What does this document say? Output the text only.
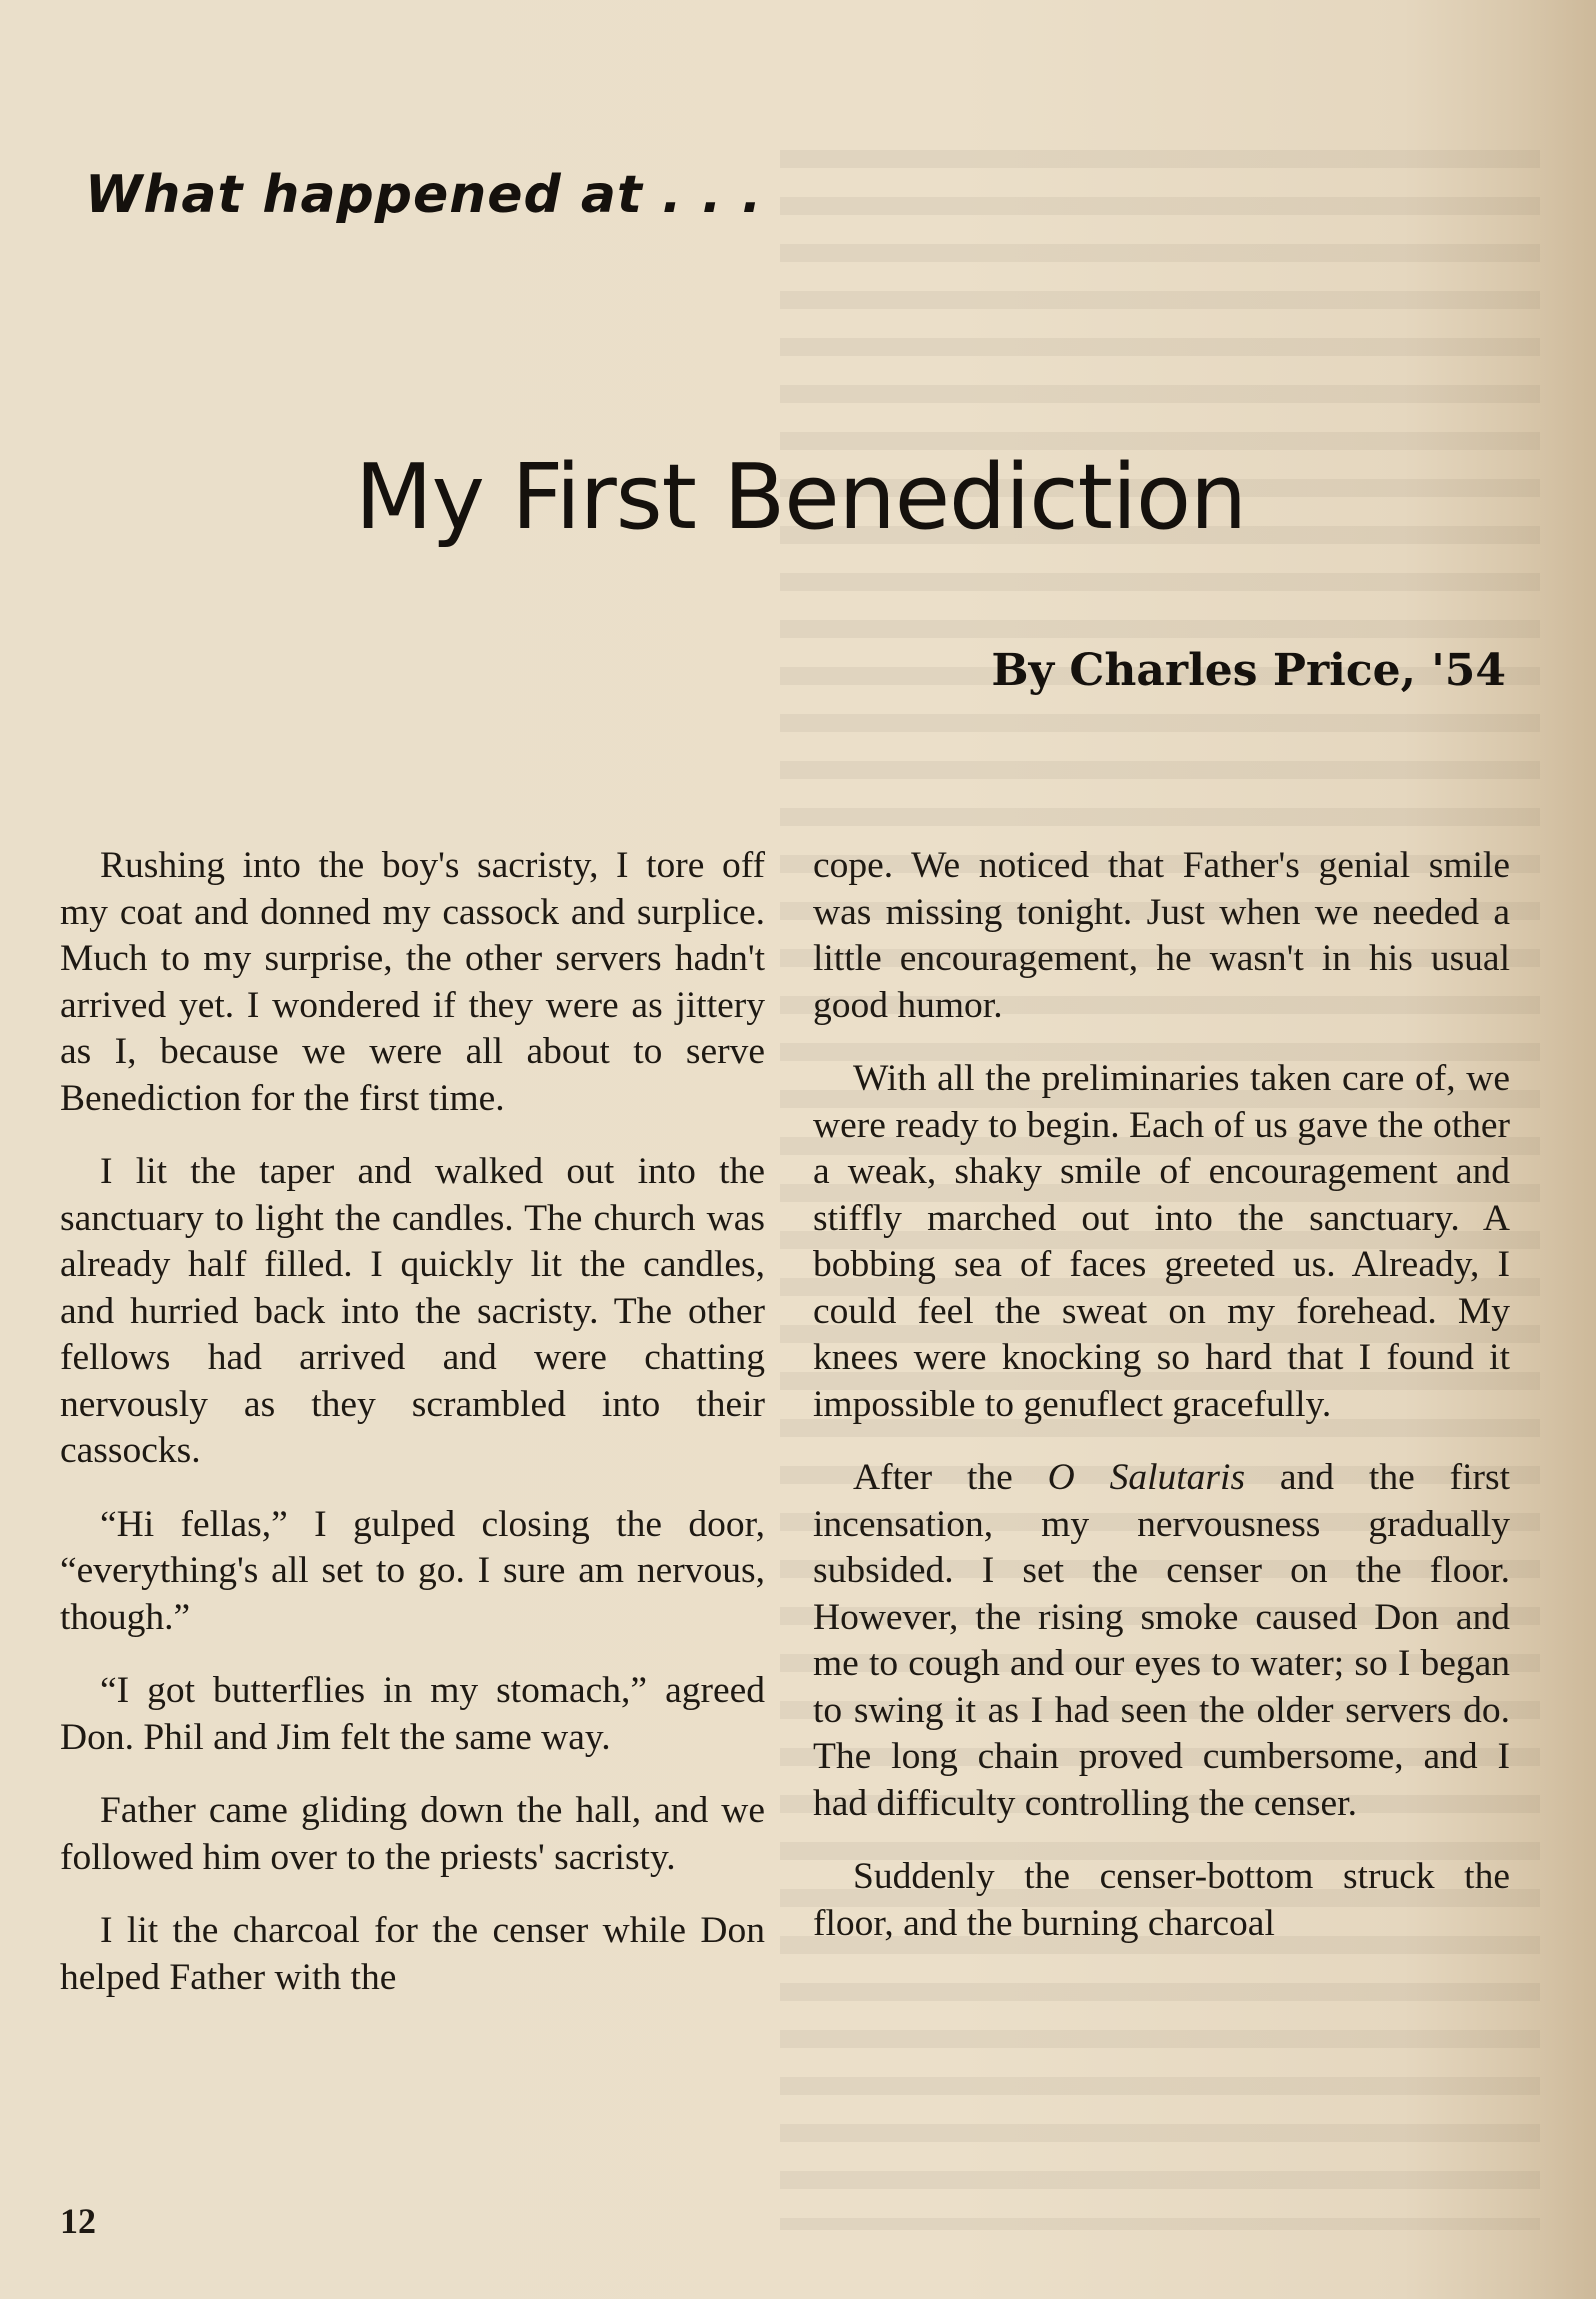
What happened at . . .
My First Benediction
By Charles Price, '54

Rushing into the boy's sacristy, I tore off my coat and donned my cassock and surplice. Much to my surprise, the other servers hadn't arrived yet. I wondered if they were as jittery as I, because we were all about to serve Benediction for the first time.

I lit the taper and walked out into the sanctuary to light the candles. The church was already half filled. I quickly lit the candles, and hurried back into the sacristy. The other fellows had arrived and were chatting nervously as they scrambled into their cassocks.

“Hi fellas,” I gulped closing the door, “everything's all set to go. I sure am nervous, though.”

“I got butterflies in my stomach,” agreed Don. Phil and Jim felt the same way.

Father came gliding down the hall, and we followed him over to the priests' sacristy.

I lit the charcoal for the censer while Don helped Father with the

cope. We noticed that Father's genial smile was missing tonight. Just when we needed a little encouragement, he wasn't in his usual good humor.

With all the preliminaries taken care of, we were ready to begin. Each of us gave the other a weak, shaky smile of encouragement and stiffly marched out into the sanctuary. A bobbing sea of faces greeted us. Already, I could feel the sweat on my forehead. My knees were knocking so hard that I found it impossible to genuflect gracefully.

After the O Salutaris and the first incensation, my nervousness gradually subsided. I set the censer on the floor. However, the rising smoke caused Don and me to cough and our eyes to water; so I began to swing it as I had seen the older servers do. The long chain proved cumbersome, and I had difficulty controlling the censer.

Suddenly the censer-bottom struck the floor, and the burning charcoal

12
